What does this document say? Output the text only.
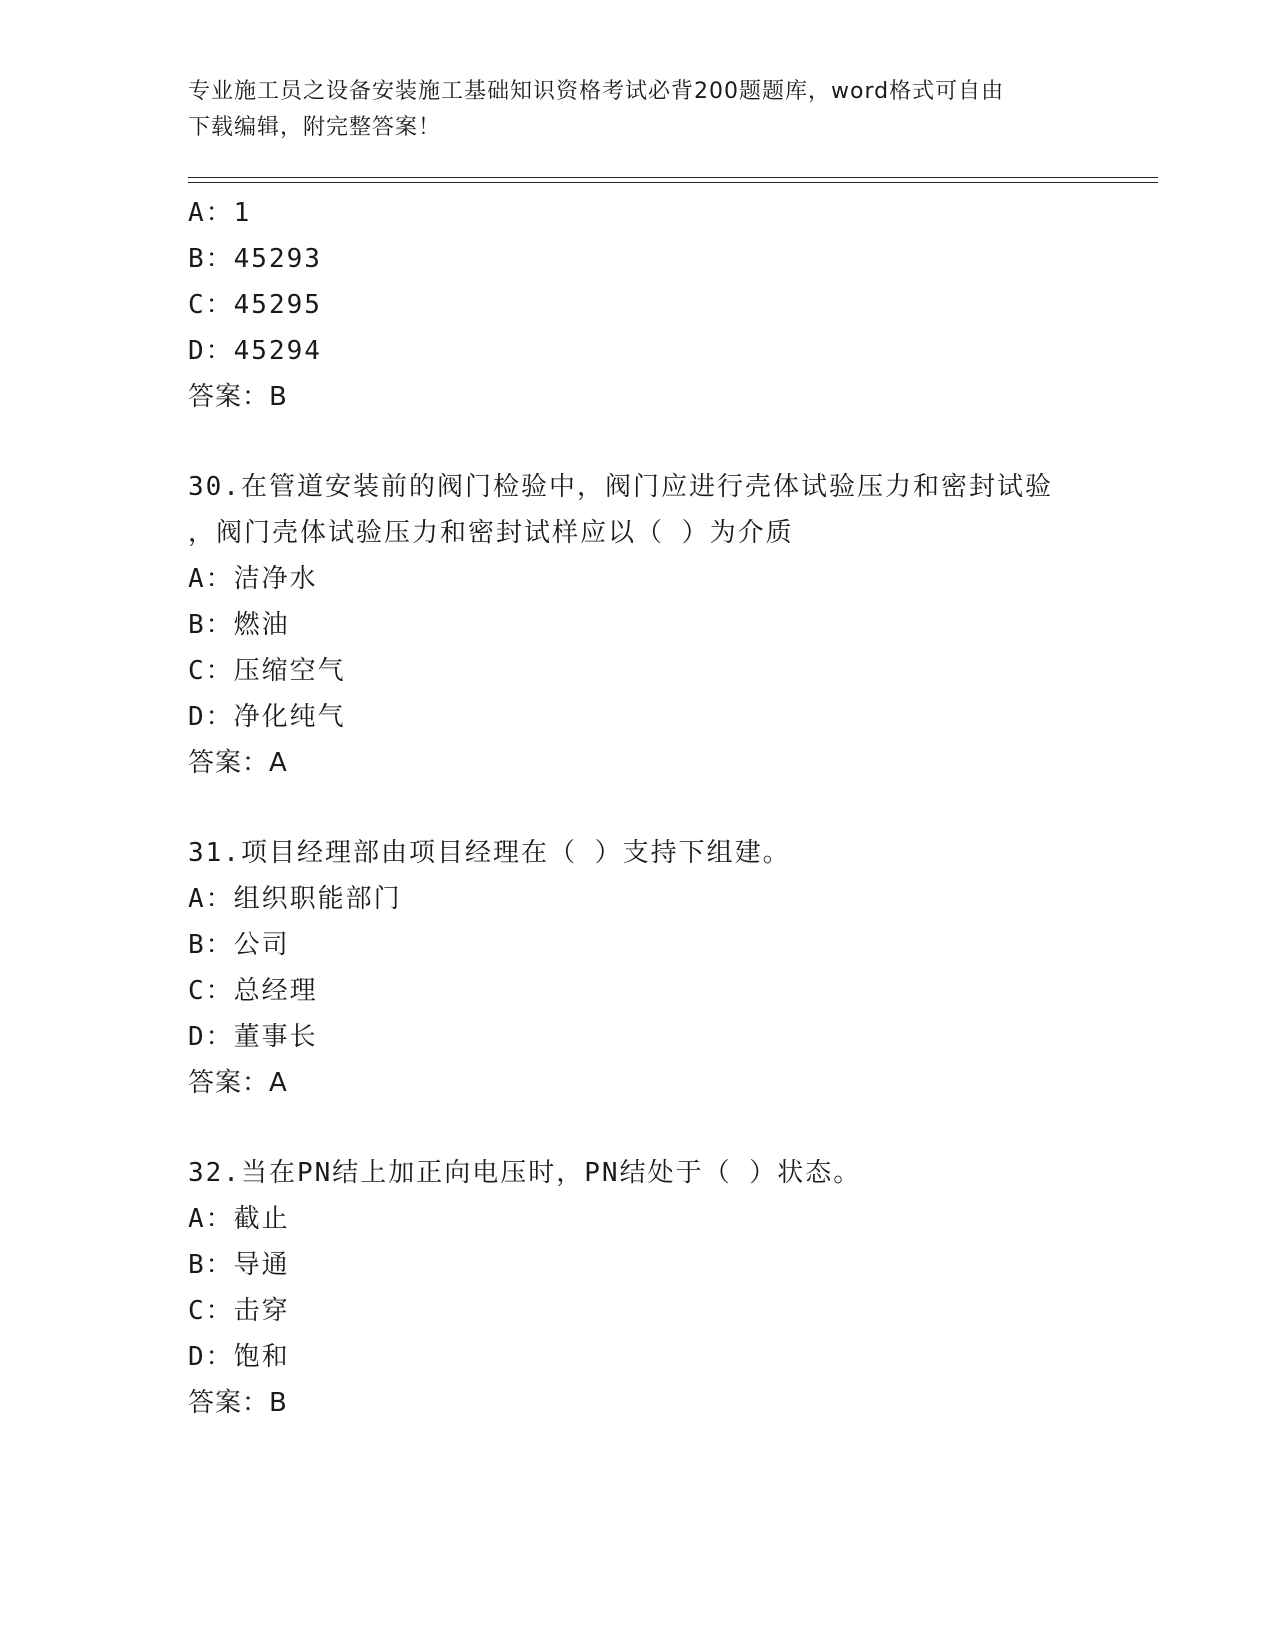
专业施工员之设备安装施工基础知识资格考试必背200题题库，word格式可自由
下载编辑，附完整答案！
A：1
B：45293
C：45295
D：45294
答案：B
30.在管道安装前的阀门检验中，阀门应进行壳体试验压力和密封试验
，阀门壳体试验压力和密封试样应以（ ）为介质
A：洁净水
B：燃油
C：压缩空气
D：净化纯气
答案：A
31.项目经理部由项目经理在（ ）支持下组建。
A：组织职能部门
B：公司
C：总经理
D：董事长
答案：A
32.当在PN结上加正向电压时，PN结处于（ ）状态。
A：截止
B：导通
C：击穿
D：饱和
答案：B
